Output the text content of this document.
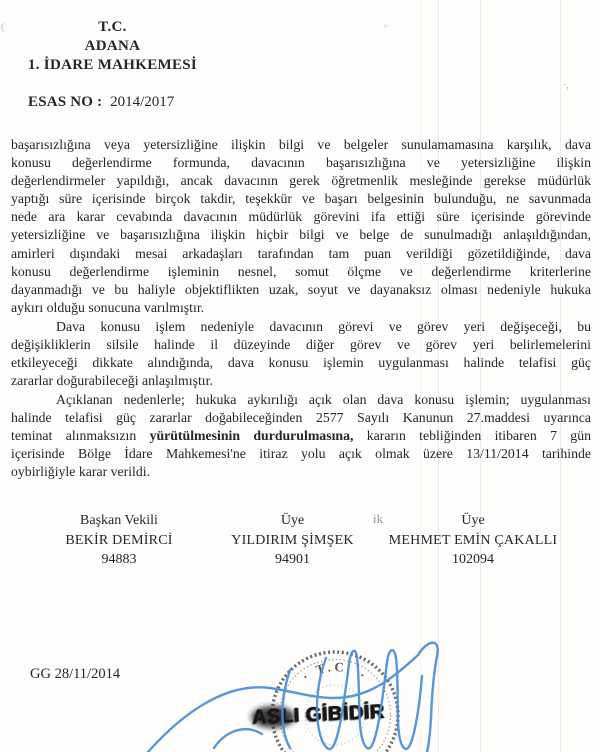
(	ˢ·
·,
T.C.
ADANA
1. İDARE MAHKEMESİ
ESAS NO : 2014/2017
başarısızlığına veya yetersizliğine ilişkin bilgi ve belgeler sunulamamasına karşılık, dava
konusu değerlendirme formunda, davacının başarısızlığına ve yetersizliğine ilişkin
değerlendirmeler yapıldığı, ancak davacının gerek öğretmenlik mesleğinde gerekse müdürlük
yaptığı süre içerisinde birçok takdir, teşekkür ve başarı belgesinin bulunduğu, ne savunmada
nede ara karar cevabında davacının müdürlük görevini ifa ettiği süre içerisinde görevinde
yetersizliğine ve başarısızlığına ilişkin hiçbir bilgi ve belge de sunulmadığı anlaşıldığından,
amirleri dışındaki mesai arkadaşları tarafından tam puan verildiği gözetildiğinde, dava
konusu değerlendirme işleminin nesnel, somut ölçme ve değerlendirme kriterlerine
dayanmadığı ve bu haliyle objektiflikten uzak, soyut ve dayanaksız olması nedeniyle hukuka
aykırı olduğu sonucuna varılmıştır.
Dava konusu işlem nedeniyle davacının görevi ve görev yeri değişeceği, bu
değişikliklerin silsile halinde il düzeyinde diğer görev ve görev yeri belirlemelerini
etkileyeceği dikkate alındığında, dava konusu işlemin uygulanması halinde telafisi güç
zararlar doğurabileceği anlaşılmıştır.
Açıklanan nedenlerle; hukuka aykırılığı açık olan dava konusu işlemin; uygulanması
halinde telafisi güç zararlar doğabileceğinden 2577 Sayılı Kanunun 27.maddesi uyarınca
teminat alınmaksızın yürütülmesinin durdurulmasına, kararın tebliğinden itibaren 7 gün
içerisinde Bölge İdare Mahkemesi'ne itiraz yolu açık olmak üzere 13/11/2014 tarihinde
oybirliğiyle karar verildi.
Başkan Vekili
BEKİR DEMİRCİ
94883
Üye
YILDIRIM ŞİMŞEK
94901
Üye
MEHMET EMİN ÇAKALLI
102094
ik
GG 28/11/2014	· T.C. ·
ASLI GİBİDİR
